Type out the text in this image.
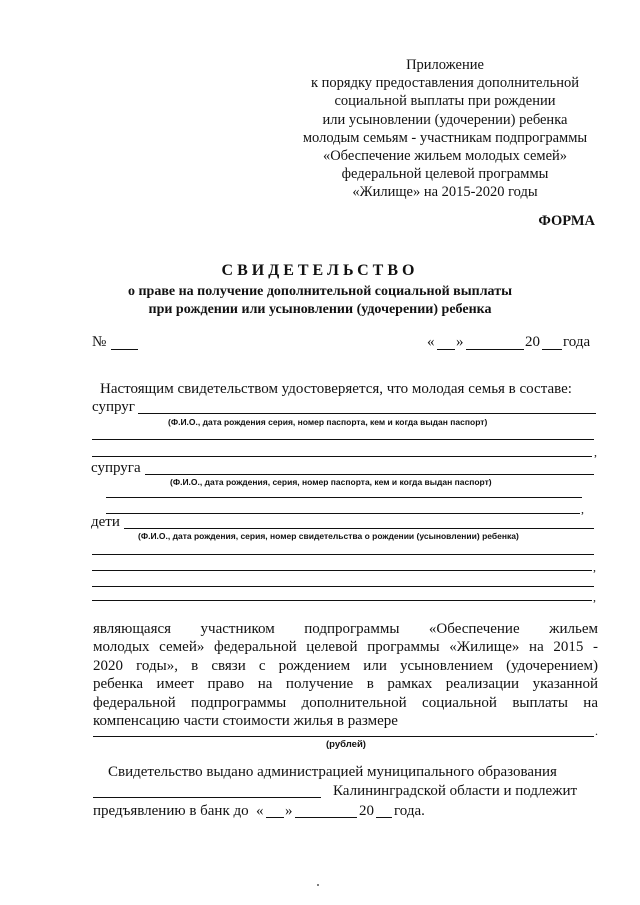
Приложение
к порядку предоставления дополнительной
социальной выплаты при рождении
или усыновлении (удочерении) ребенка
молодым семьям - участникам подпрограммы
«Обеспечение жильем молодых семей»
федеральной целевой программы
«Жилище» на 2015-2020 годы
ФОРМА
СВИДЕТЕЛЬСТВО
о праве на получение дополнительной социальной выплаты
при рождении или усыновлении (удочерении) ребенка
№	« »	20 года
Настоящим свидетельством удостоверяется, что молодая семья в составе:
супруг
(Ф.И.О., дата рождения серия, номер паспорта, кем и когда выдан паспорт)
,
супруга
(Ф.И.О., дата рождения, серия, номер паспорта, кем и когда выдан паспорт)
,
дети
(Ф.И.О., дата рождения, серия, номер свидетельства о рождении (усыновлении) ребенка)
,
,
являющаяся участником подпрограммы «Обеспечение жильем
молодых семей» федеральной целевой программы «Жилище» на 2015 -
2020 годы», в связи с рождением или усыновлением (удочерением)
ребенка имеет право на получение в рамках реализации указанной
федеральной подпрограммы дополнительной социальной выплаты на
компенсацию части стоимости жилья в размере
.
(рублей)
Свидетельство выдано администрацией муниципального образования
Калининградской области и подлежит
предъявлению в банк до « »	20 года.
